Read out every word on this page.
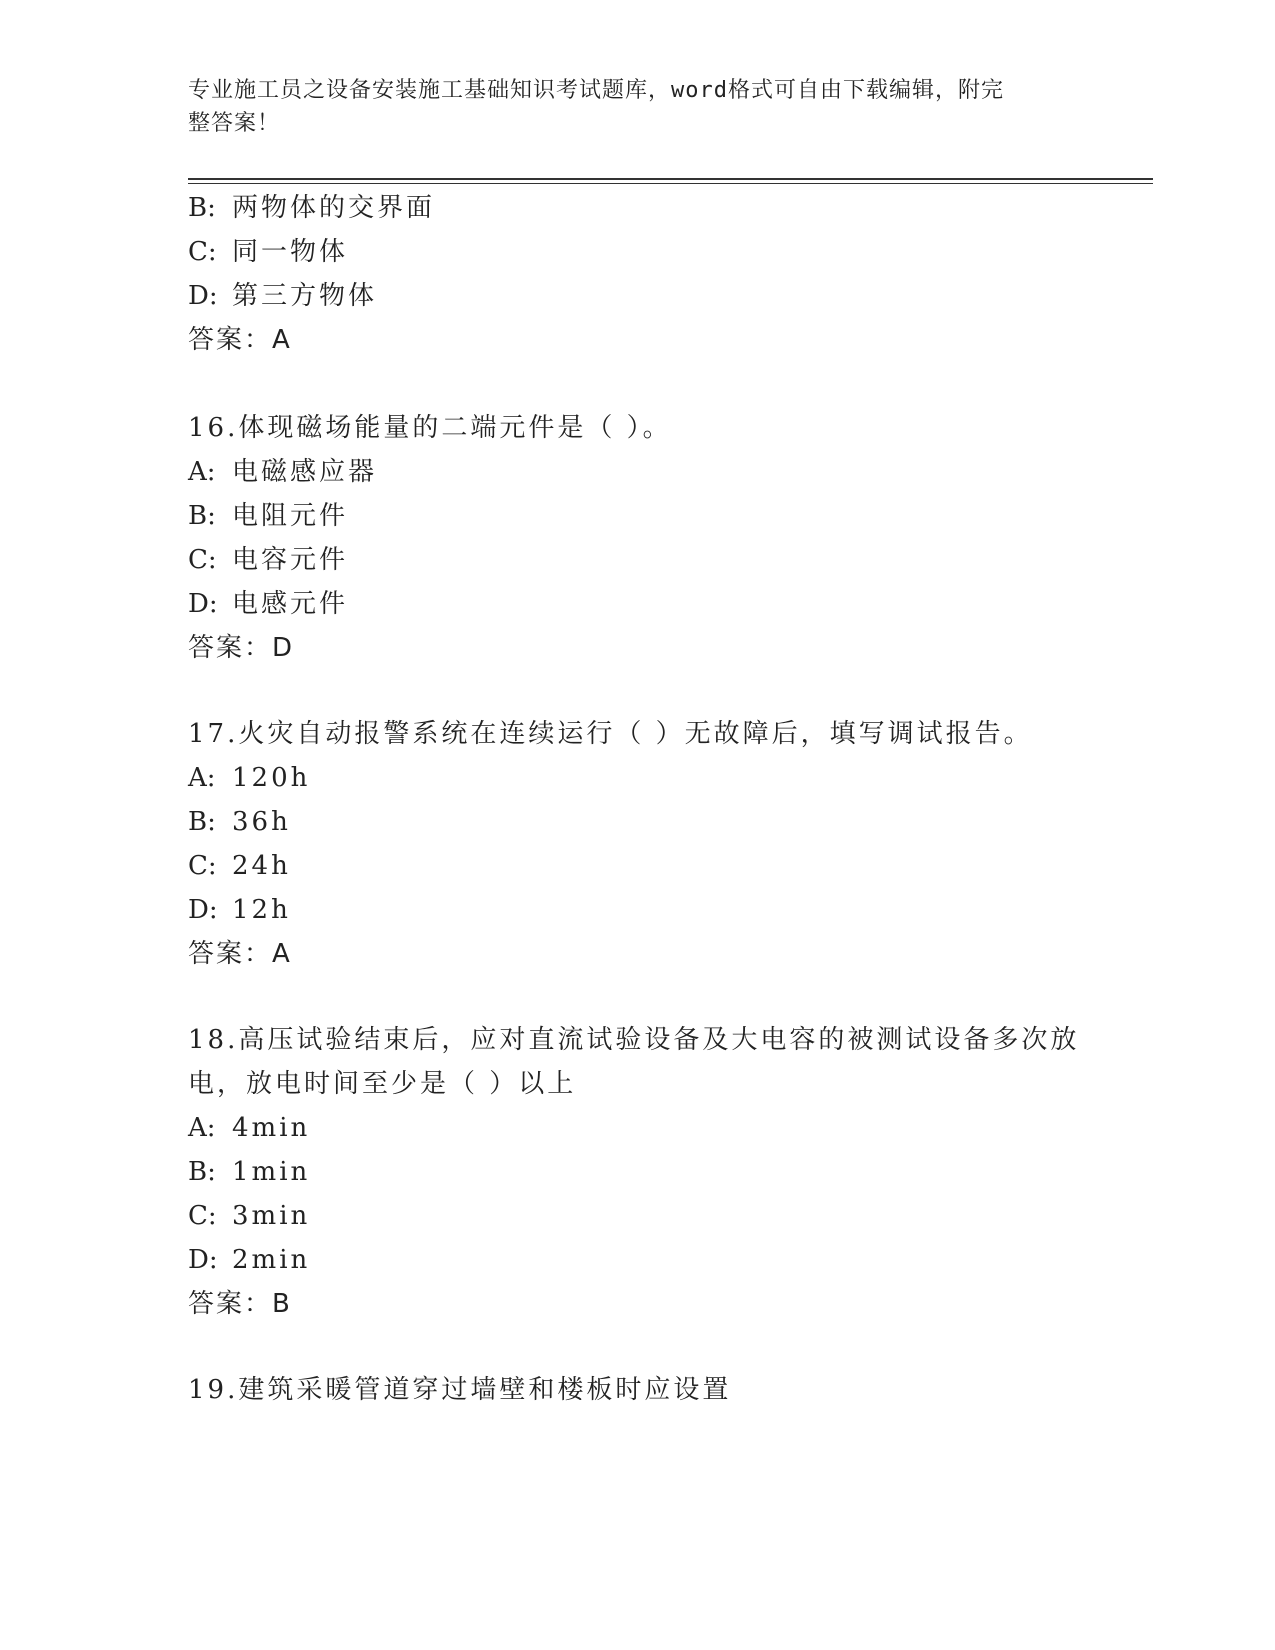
专业施工员之设备安装施工基础知识考试题库，word格式可自由下载编辑，附完
整答案！
B: 两物体的交界面
C: 同一物体
D: 第三方物体
答案：A
16.体现磁场能量的二端元件是（ ）。
A: 电磁感应器
B: 电阻元件
C: 电容元件
D: 电感元件
答案：D
17.火灾自动报警系统在连续运行（ ）无故障后，填写调试报告。
A: 120h
B: 36h
C: 24h
D: 12h
答案：A
18.高压试验结束后，应对直流试验设备及大电容的被测试设备多次放
电，放电时间至少是（ ）以上
A: 4min
B: 1min
C: 3min
D: 2min
答案：B
19.建筑采暖管道穿过墙壁和楼板时应设置
